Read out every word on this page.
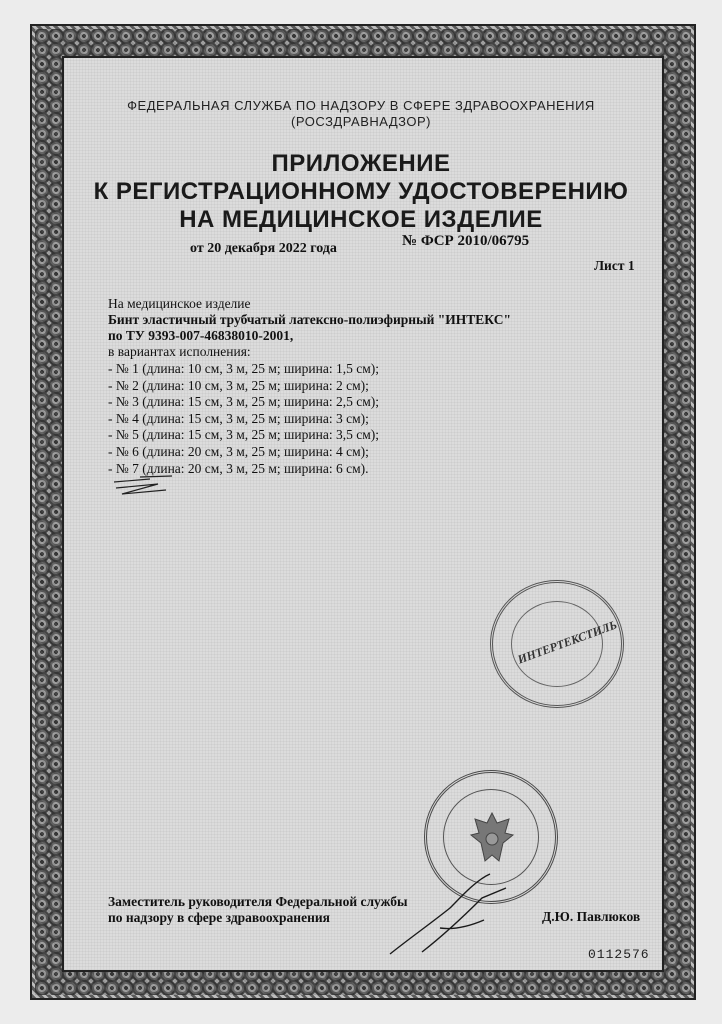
ФЕДЕРАЛЬНАЯ СЛУЖБА ПО НАДЗОРУ В СФЕРЕ ЗДРАВООХРАНЕНИЯ
(РОСЗДРАВНАДЗОР)
ПРИЛОЖЕНИЕ
К РЕГИСТРАЦИОННОМУ УДОСТОВЕРЕНИЮ
НА МЕДИЦИНСКОЕ ИЗДЕЛИЕ
от 20 декабря 2022 года	№ ФСР 2010/06795
Лист 1
На медицинское изделие
Бинт эластичный трубчатый латексно-полиэфирный "ИНТЕКС"
по ТУ 9393-007-46838010-2001,
в вариантах исполнения:
- № 1 (длина: 10 см, 3 м, 25 м; ширина: 1,5 см);
- № 2 (длина: 10 см, 3 м, 25 м; ширина: 2 см);
- № 3 (длина: 15 см, 3 м, 25 м; ширина: 2,5 см);
- № 4 (длина: 15 см, 3 м, 25 м; ширина: 3 см);
- № 5 (длина: 15 см, 3 м, 25 м; ширина: 3,5 см);
- № 6 (длина: 20 см, 3 м, 25 м; ширина: 4 см);
- № 7 (длина: 20 см, 3 м, 25 м; ширина: 6 см).
ИНТЕРТЕКСТИЛЬ
Заместитель руководителя Федеральной службы
по надзору в сфере здравоохранения	Д.Ю. Павлюков
0112576
